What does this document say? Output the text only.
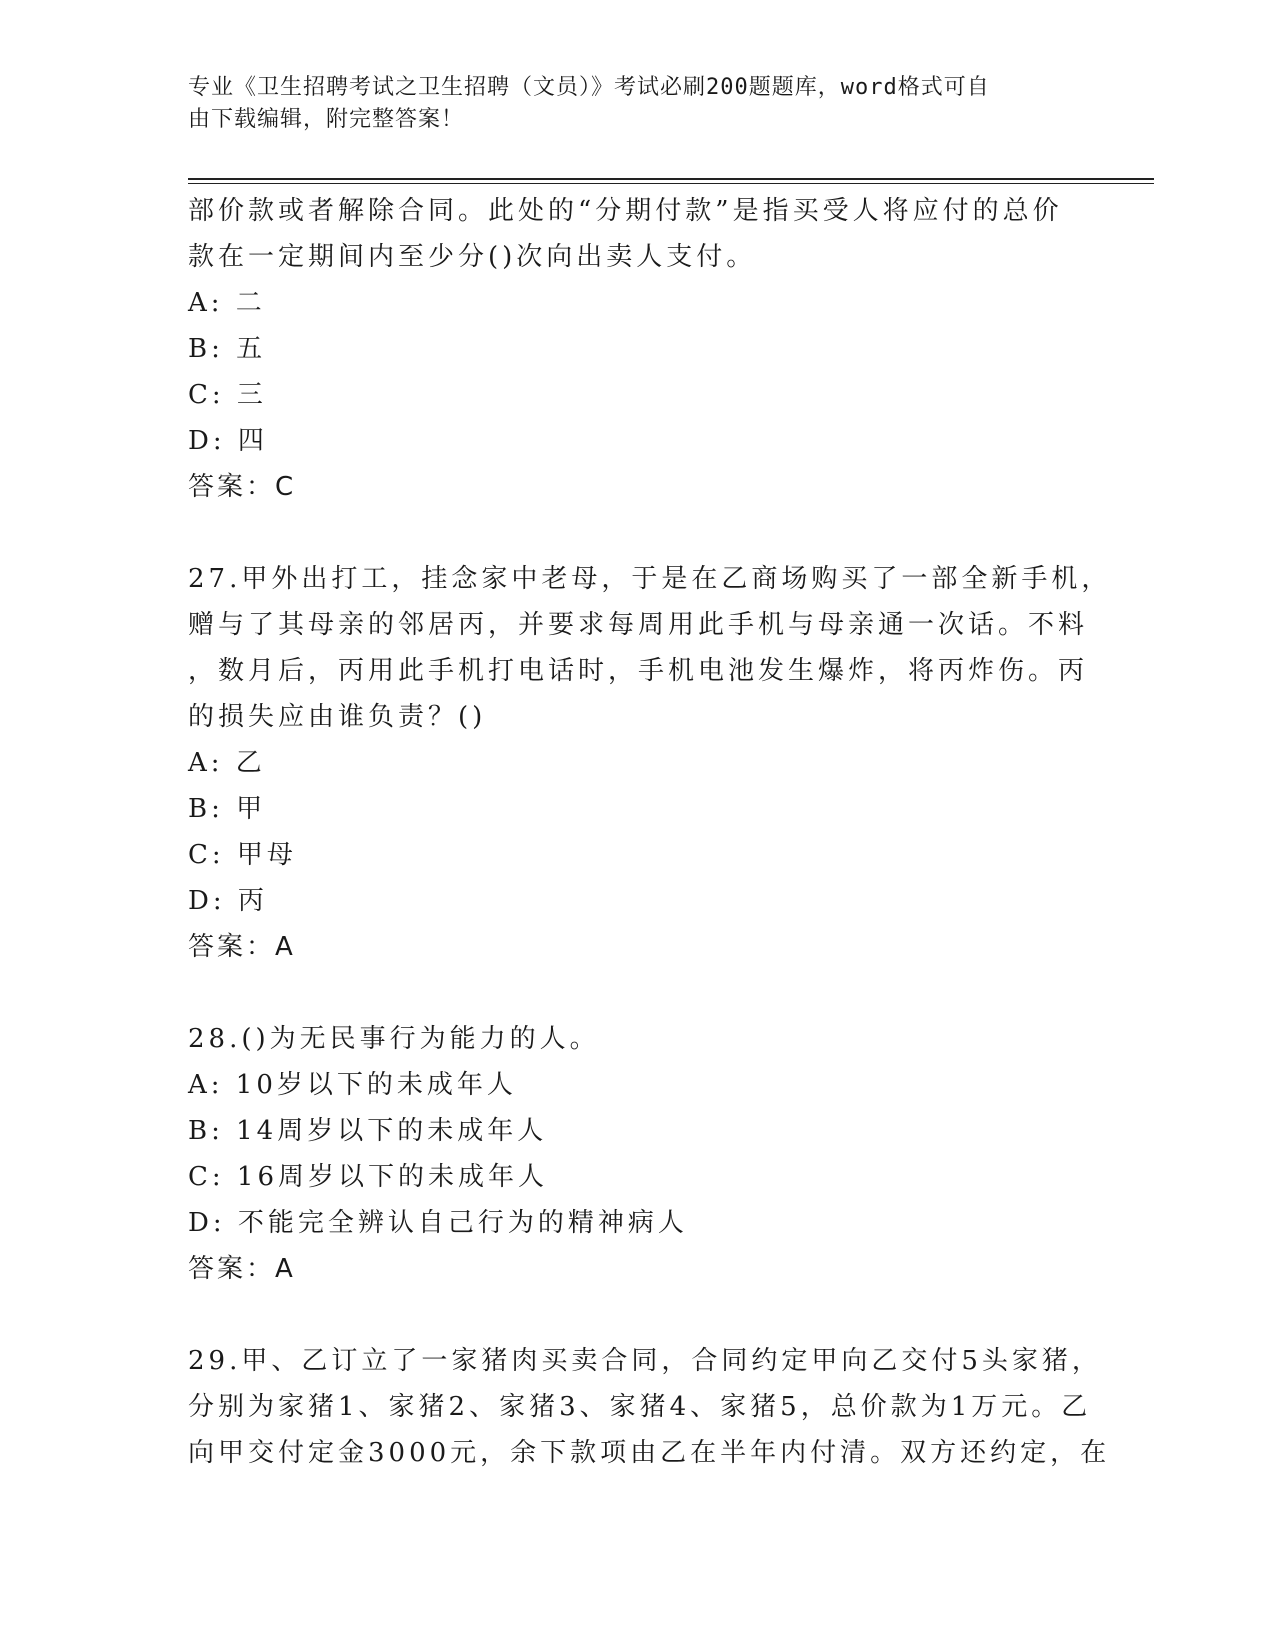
专业《卫生招聘考试之卫生招聘（文员）》考试必刷200题题库，word格式可自
由下载编辑，附完整答案！
部价款或者解除合同。此处的“分期付款”是指买受人将应付的总价
款在一定期间内至少分()次向出卖人支付。
A: 二
B: 五
C: 三
D: 四
答案：C
27.甲外出打工，挂念家中老母，于是在乙商场购买了一部全新手机，
赠与了其母亲的邻居丙，并要求每周用此手机与母亲通一次话。不料
，数月后，丙用此手机打电话时，手机电池发生爆炸，将丙炸伤。丙
的损失应由谁负责？()
A: 乙
B: 甲
C: 甲母
D: 丙
答案：A
28.()为无民事行为能力的人。
A: 10岁以下的未成年人
B: 14周岁以下的未成年人
C: 16周岁以下的未成年人
D: 不能完全辨认自己行为的精神病人
答案：A
29.甲、乙订立了一家猪肉买卖合同，合同约定甲向乙交付5头家猪，
分别为家猪1、家猪2、家猪3、家猪4、家猪5，总价款为1万元。乙
向甲交付定金3000元，余下款项由乙在半年内付清。双方还约定，在
